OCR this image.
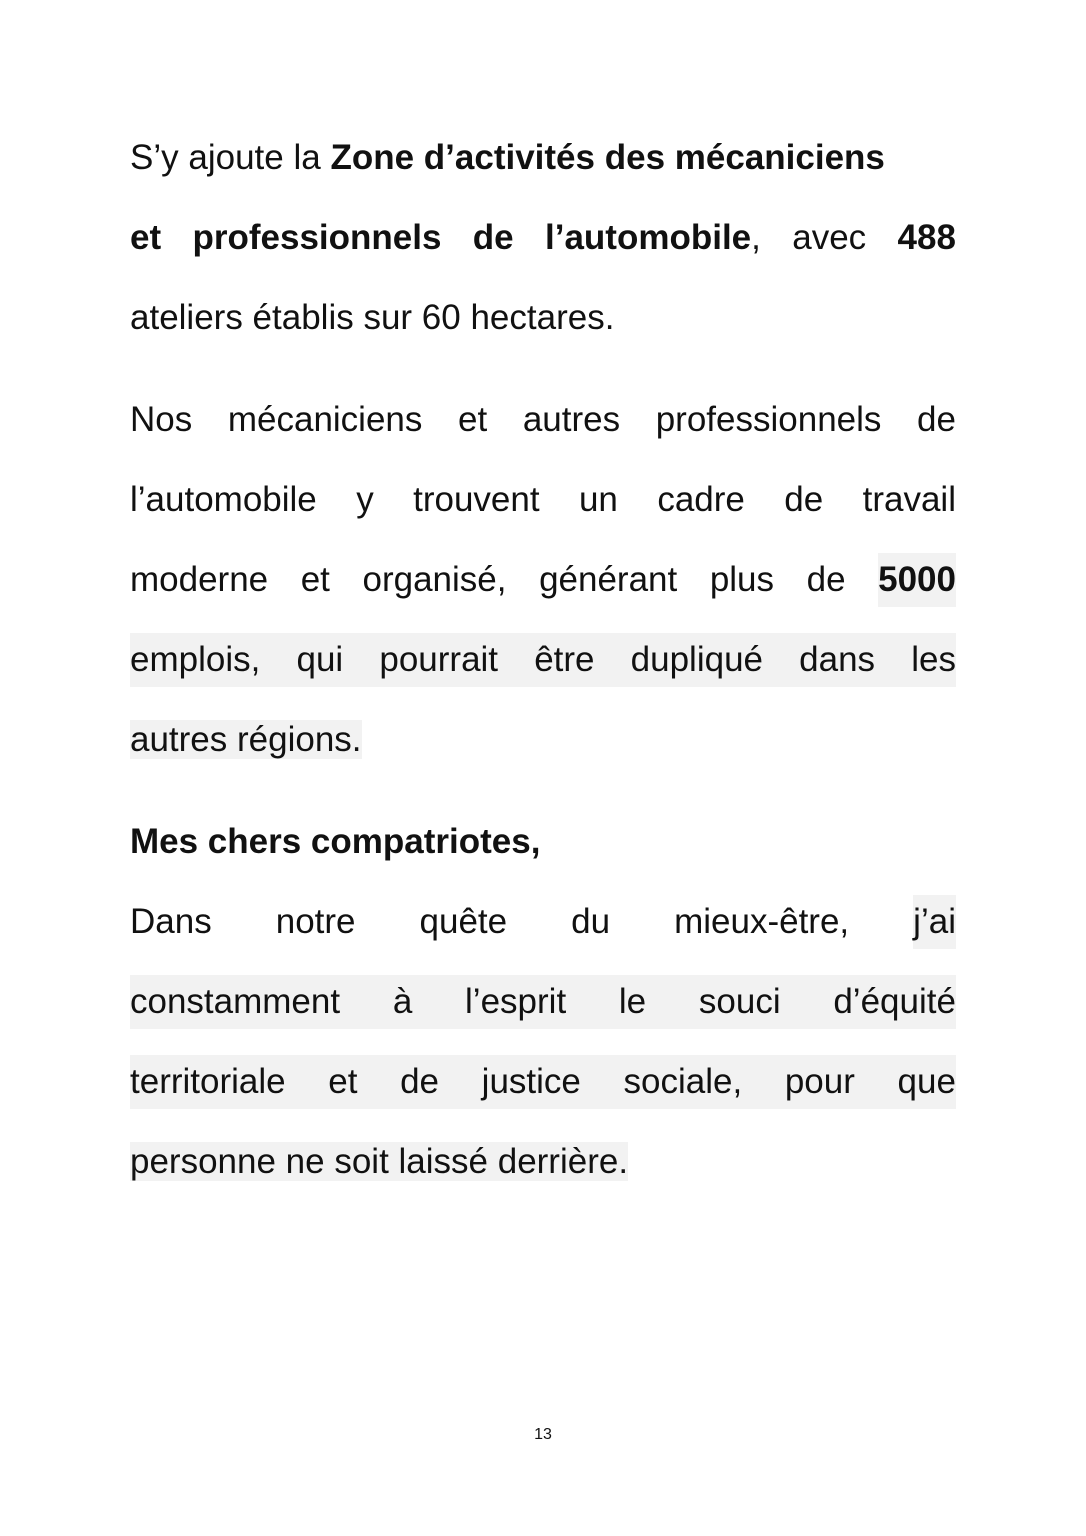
S’y ajoute la Zone d’activités des mécaniciens
et professionnels de l’automobile, avec 488
ateliers établis sur 60 hectares.
Nos mécaniciens et autres professionnels de
l’automobile y trouvent un cadre de travail
moderne et organisé, générant plus de 5000
emplois, qui pourrait être dupliqué dans les
autres régions.
Mes chers compatriotes,
Dans notre quête du mieux-être, j’ai
constamment à l’esprit le souci d’équité
territoriale et de justice sociale, pour que
personne ne soit laissé derrière.
13
